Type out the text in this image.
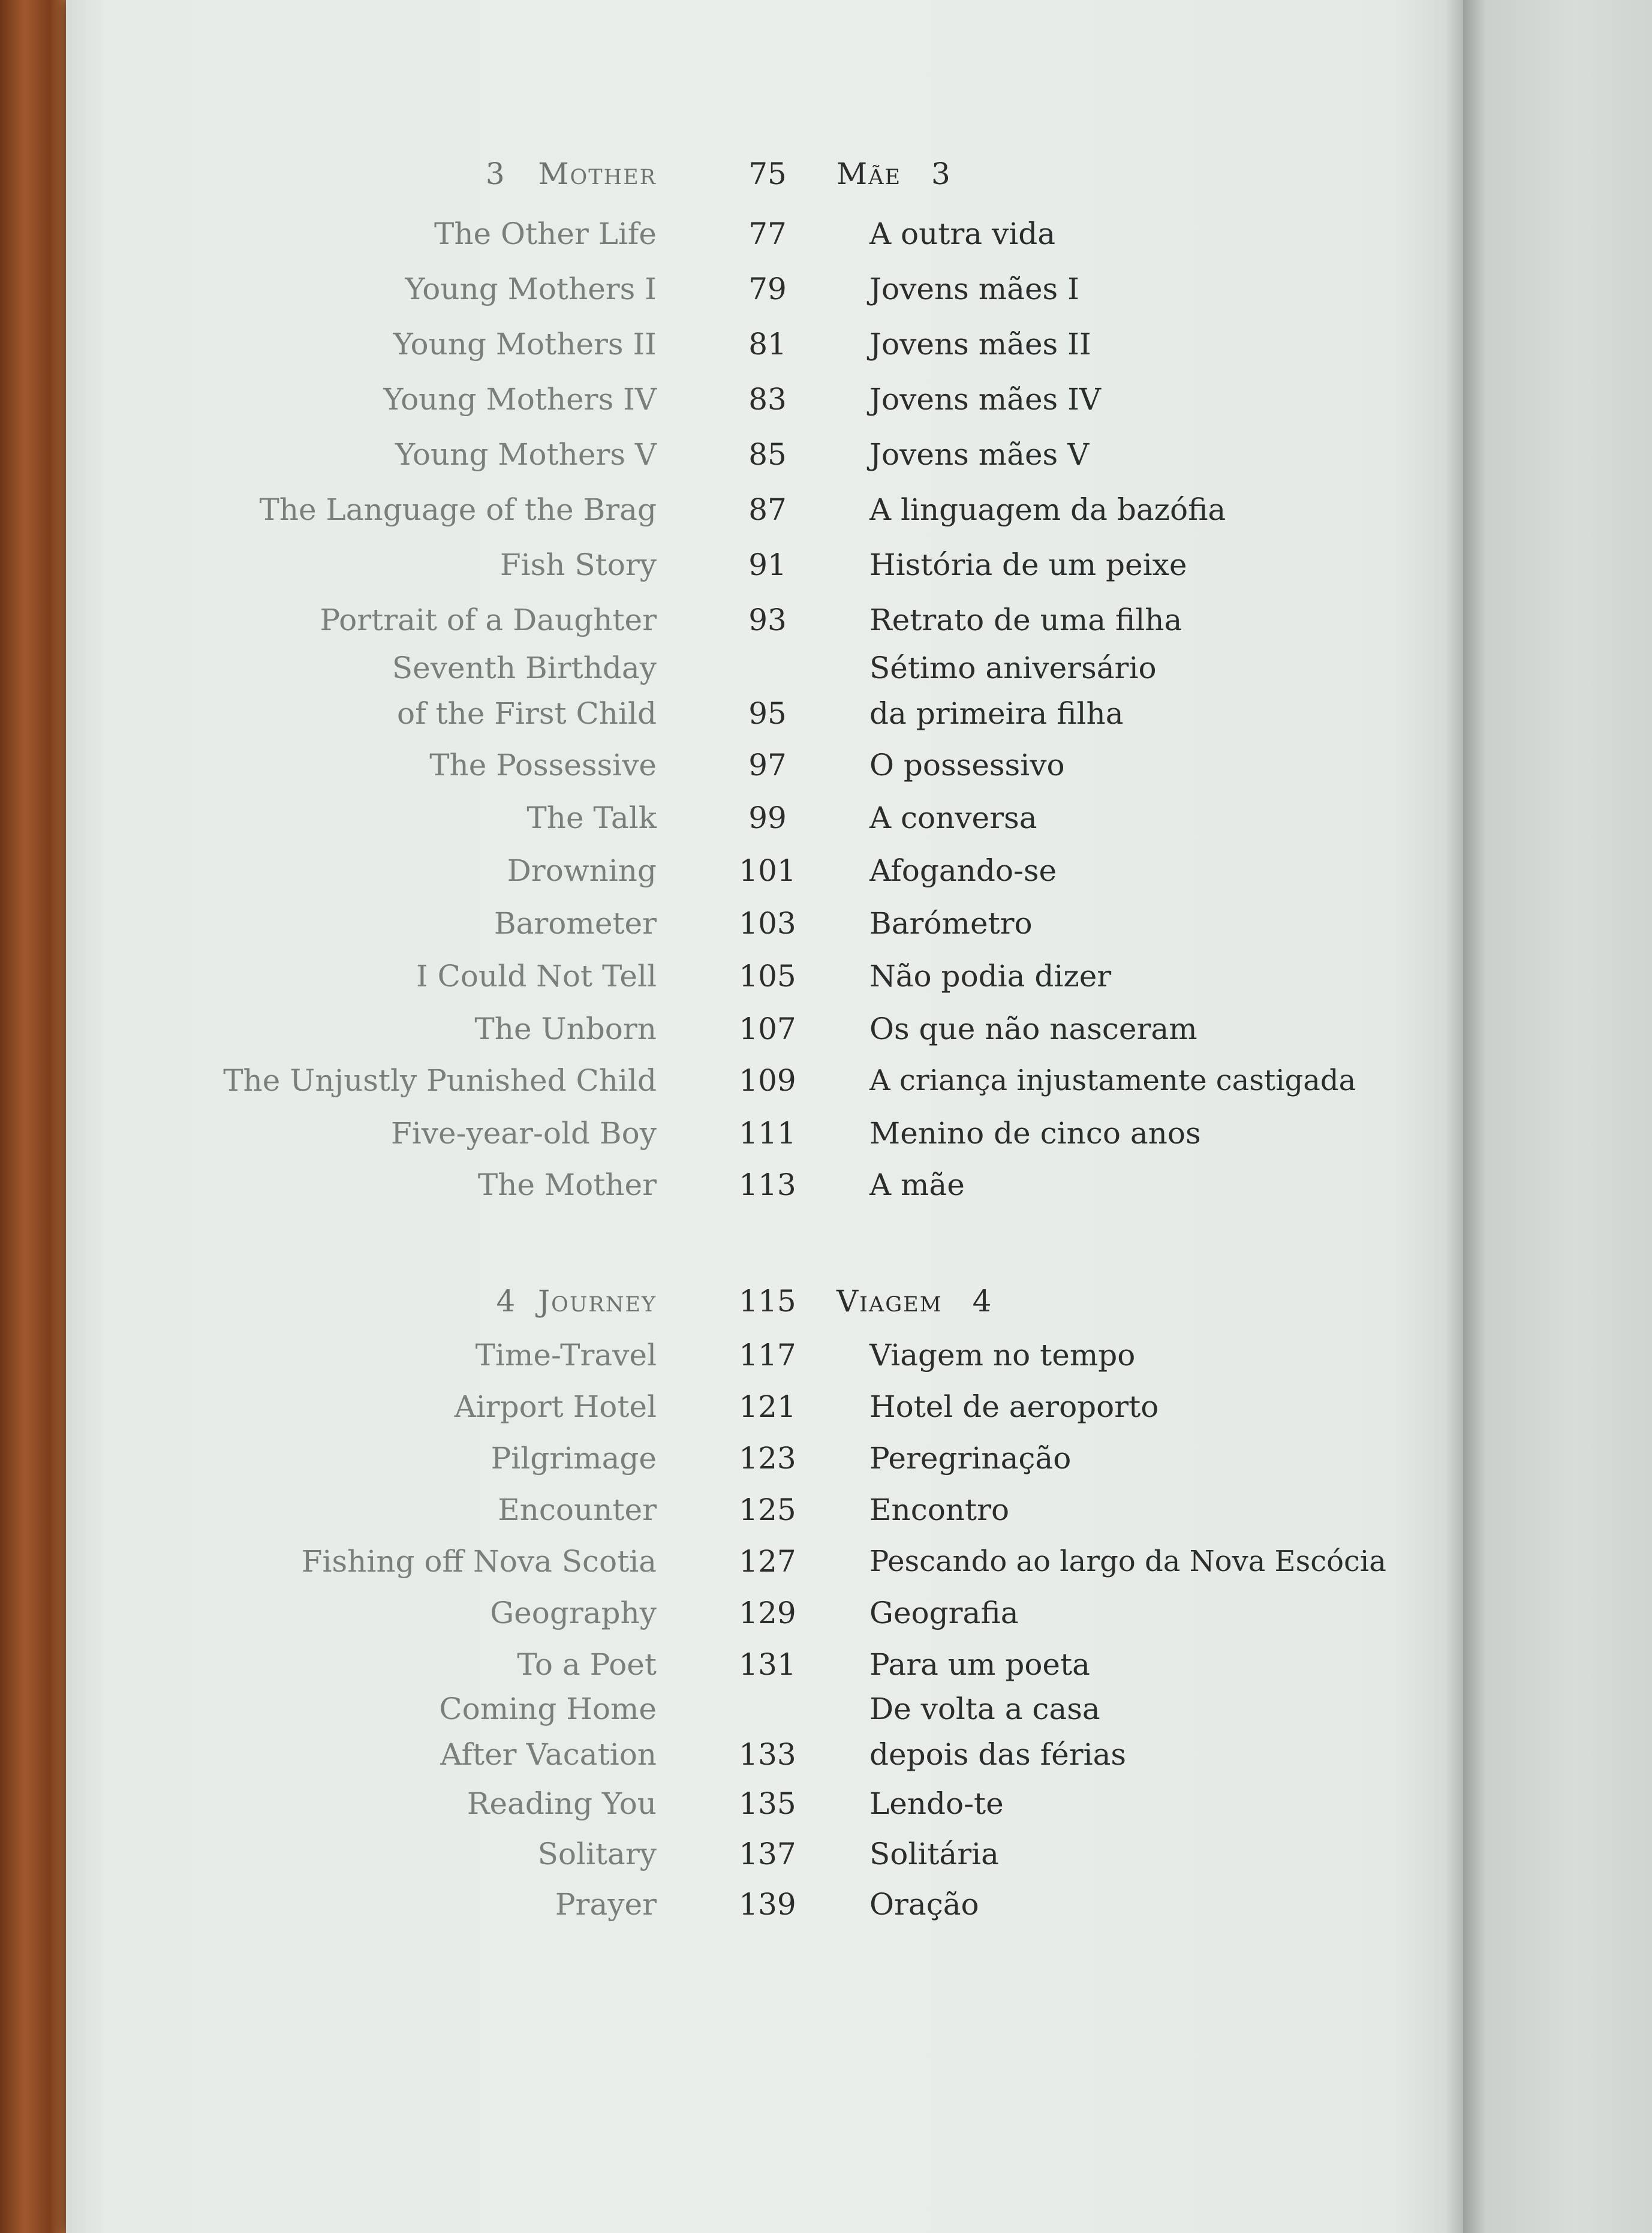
3 Mother	75	Mãe 3
The Other Life	77	A outra vida
Young Mothers I	79	Jovens mães I
Young Mothers II	81	Jovens mães II
Young Mothers IV	83	Jovens mães IV
Young Mothers V	85	Jovens mães V
The Language of the Brag	87	A linguagem da bazófia
Fish Story	91	História de um peixe
Portrait of a Daughter	93	Retrato de uma filha
Seventh Birthday	Sétimo aniversário
of the First Child	95	da primeira filha
The Possessive	97	O possessivo
The Talk	99	A conversa
Drowning	101	Afogando-se
Barometer	103	Barómetro
I Could Not Tell	105	Não podia dizer
The Unborn	107	Os que não nasceram
The Unjustly Punished Child	109	A criança injustamente castigada
Five-year-old Boy	111	Menino de cinco anos
The Mother	113	A mãe
4 Journey	115	Viagem 4
Time-Travel	117	Viagem no tempo
Airport Hotel	121	Hotel de aeroporto
Pilgrimage	123	Peregrinação
Encounter	125	Encontro
Fishing off Nova Scotia	127	Pescando ao largo da Nova Escócia
Geography	129	Geografia
To a Poet	131	Para um poeta
Coming Home	De volta a casa
After Vacation	133	depois das férias
Reading You	135	Lendo-te
Solitary	137	Solitária
Prayer	139	Oração
